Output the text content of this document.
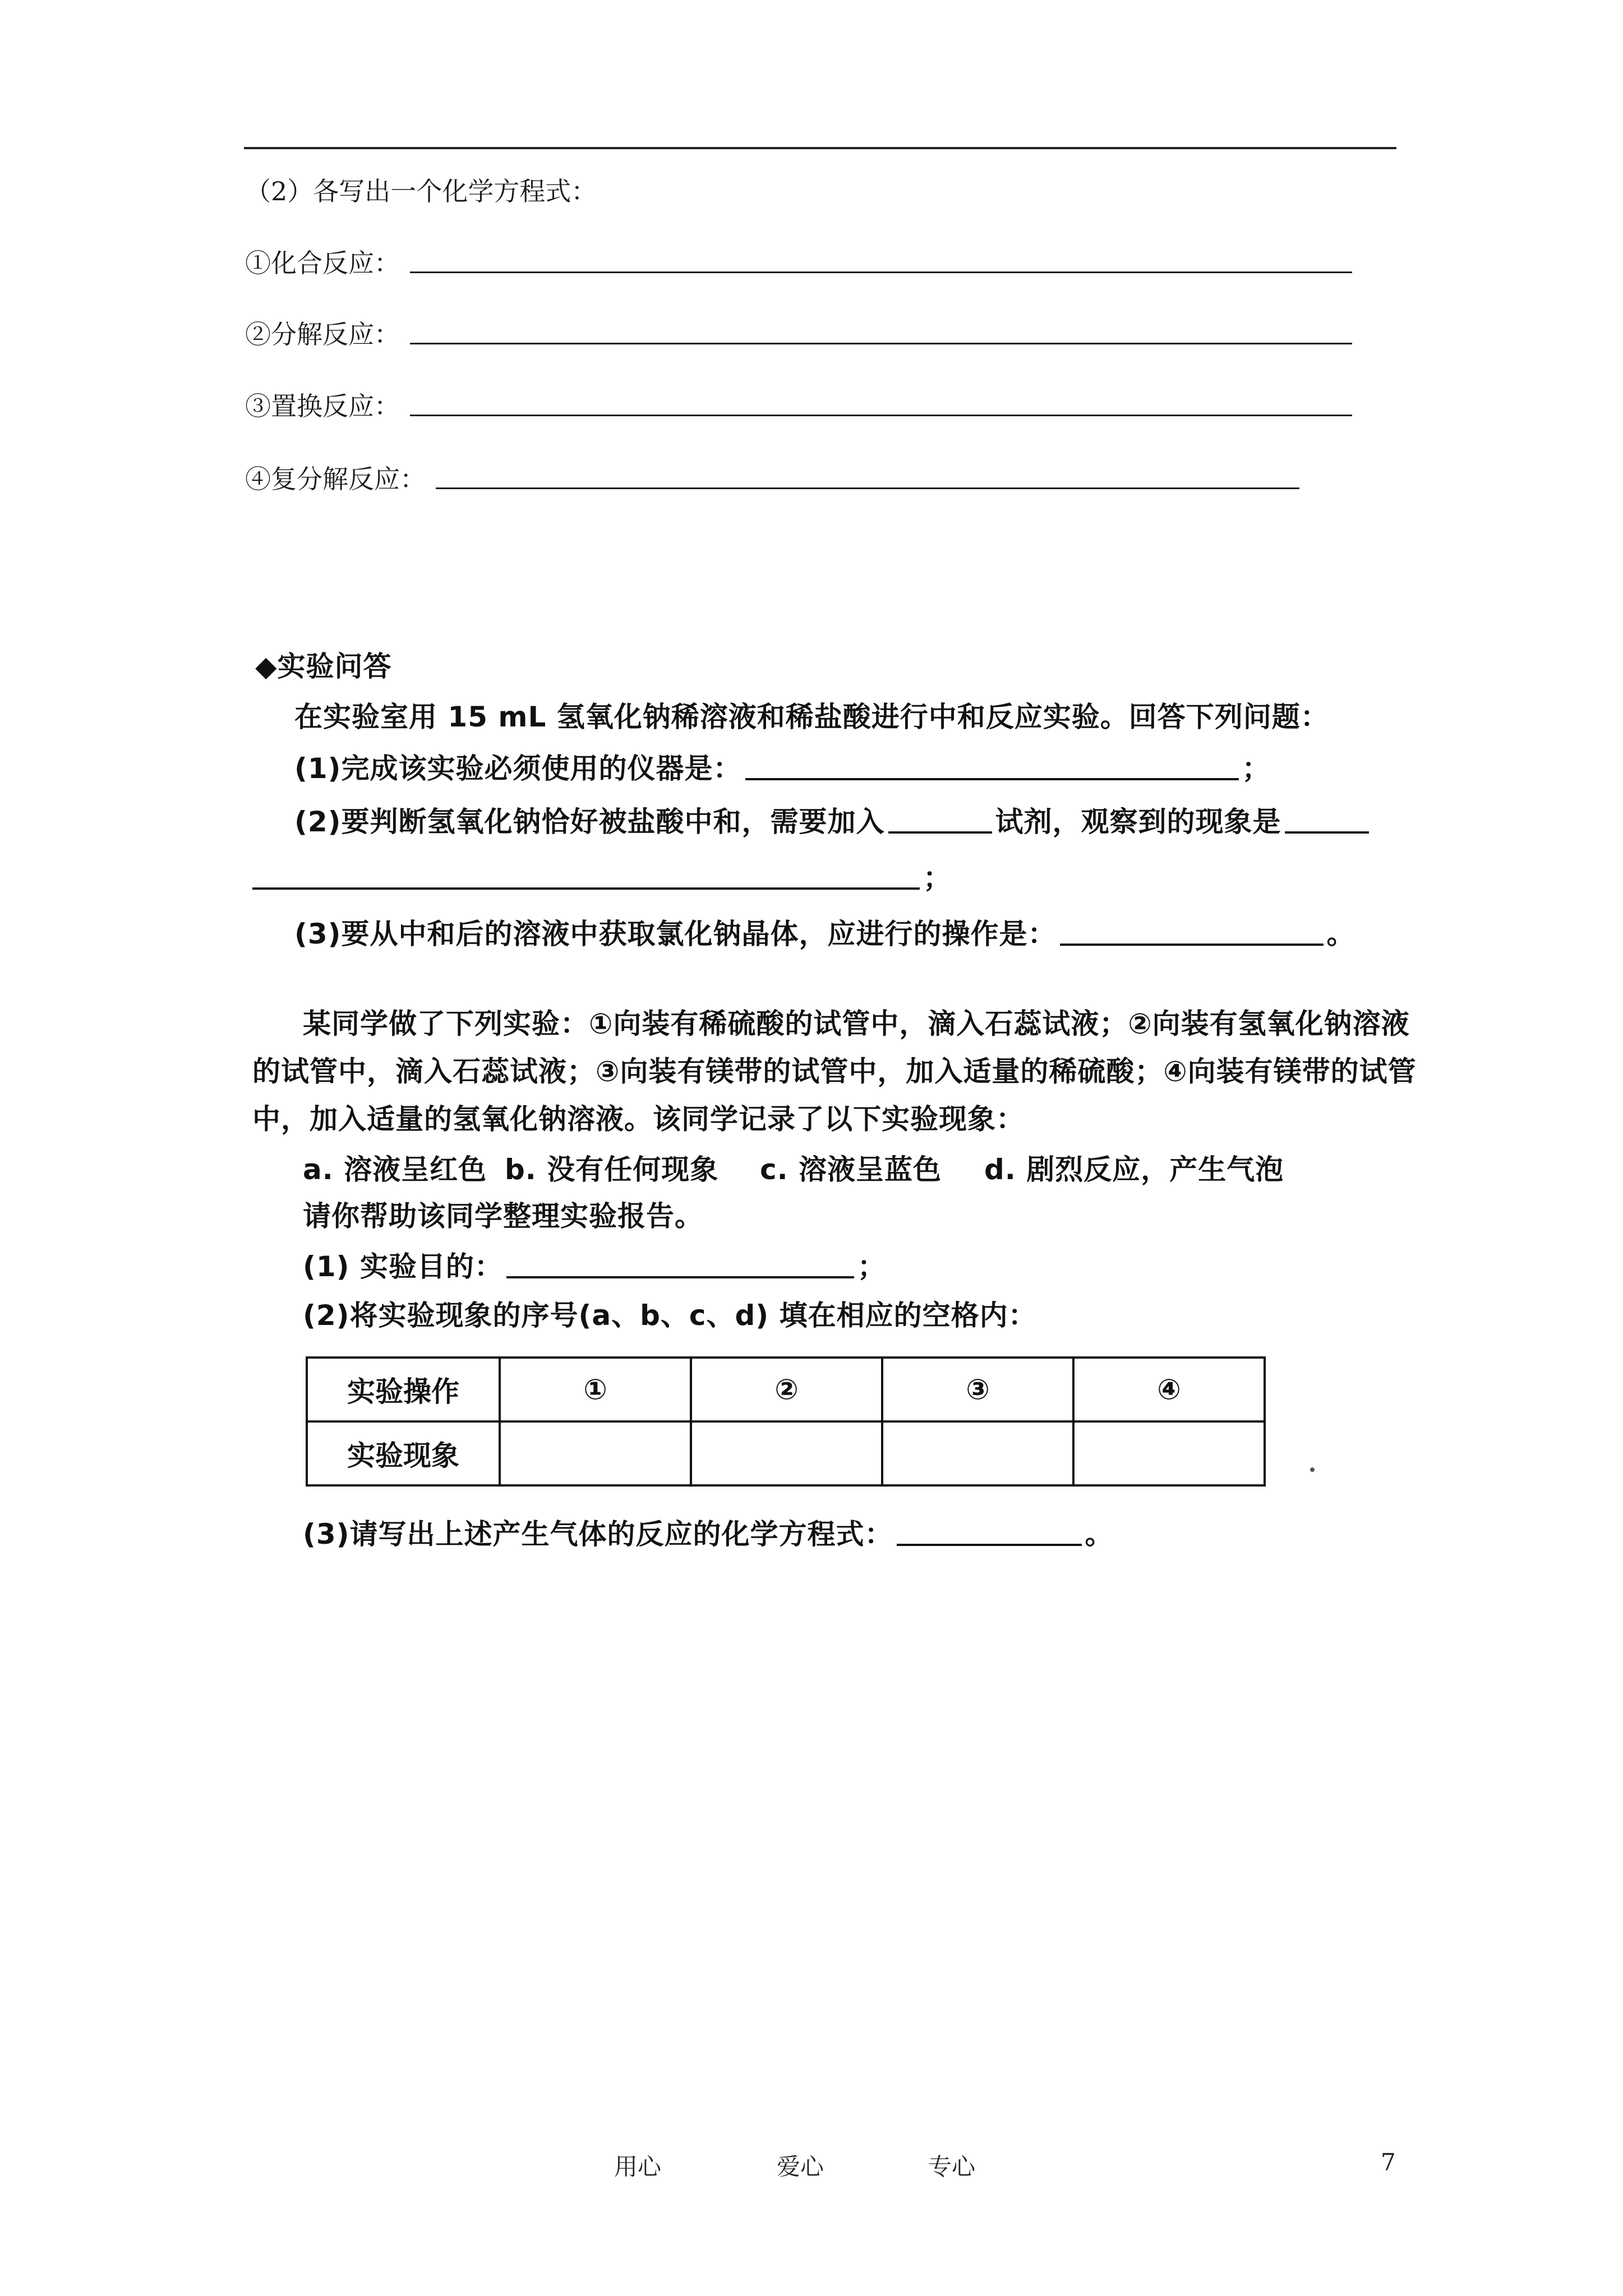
（2）各写出一个化学方程式：
①化合反应：
②分解反应：
③置换反应：
④复分解反应：
◆实验问答
在实验室用 15 mL 氢氧化钠稀溶液和稀盐酸进行中和反应实验。回答下列问题：
(1)完成该实验必须使用的仪器是：	；
(2)要判断氢氧化钠恰好被盐酸中和，需要加入	试剂，观察到的现象是
；
(3)要从中和后的溶液中获取氯化钠晶体，应进行的操作是：	。
某同学做了下列实验：①向装有稀硫酸的试管中，滴入石蕊试液；②向装有氢氧化钠溶液
的试管中，滴入石蕊试液；③向装有镁带的试管中，加入适量的稀硫酸；④向装有镁带的试管
中，加入适量的氢氧化钠溶液。该同学记录了以下实验现象：
a. 溶液呈红色 b. 没有任何现象 c. 溶液呈蓝色 d. 剧烈反应，产生气泡
请你帮助该同学整理实验报告。
(1) 实验目的：	；
(2)将实验现象的序号(a、b、c、d) 填在相应的空格内：
实验操作	①	②	③	④
实验现象				
(3)请写出上述产生气体的反应的化学方程式：	。
用心	爱心	专心	7
